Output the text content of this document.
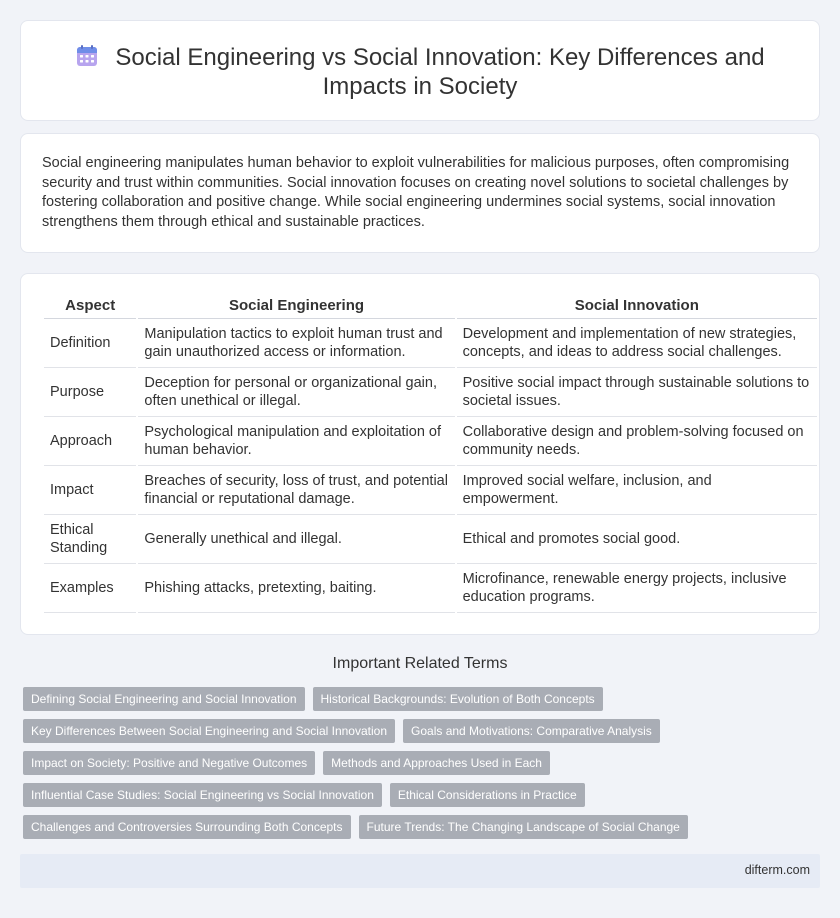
Social Engineering vs Social Innovation: Key Differences and Impacts in Society

Social engineering manipulates human behavior to exploit vulnerabilities for malicious purposes, often compromising security and trust within communities. Social innovation focuses on creating novel solutions to societal challenges by fostering collaboration and positive change. While social engineering undermines social systems, social innovation strengthens them through ethical and sustainable practices.

Aspect	Social Engineering	Social Innovation
Definition	Manipulation tactics to exploit human trust and gain unauthorized access or information.	Development and implementation of new strategies, concepts, and ideas to address social challenges.
Purpose	Deception for personal or organizational gain, often unethical or illegal.	Positive social impact through sustainable solutions to societal issues.
Approach	Psychological manipulation and exploitation of human behavior.	Collaborative design and problem-solving focused on community needs.
Impact	Breaches of security, loss of trust, and potential financial or reputational damage.	Improved social welfare, inclusion, and empowerment.
Ethical Standing	Generally unethical and illegal.	Ethical and promotes social good.
Examples	Phishing attacks, pretexting, baiting.	Microfinance, renewable energy projects, inclusive education programs.
Important Related Terms
Defining Social Engineering and Social Innovation	Historical Backgrounds: Evolution of Both Concepts
Key Differences Between Social Engineering and Social Innovation	Goals and Motivations: Comparative Analysis
Impact on Society: Positive and Negative Outcomes	Methods and Approaches Used in Each
Influential Case Studies: Social Engineering vs Social Innovation	Ethical Considerations in Practice
Challenges and Controversies Surrounding Both Concepts	Future Trends: The Changing Landscape of Social Change
difterm.com
